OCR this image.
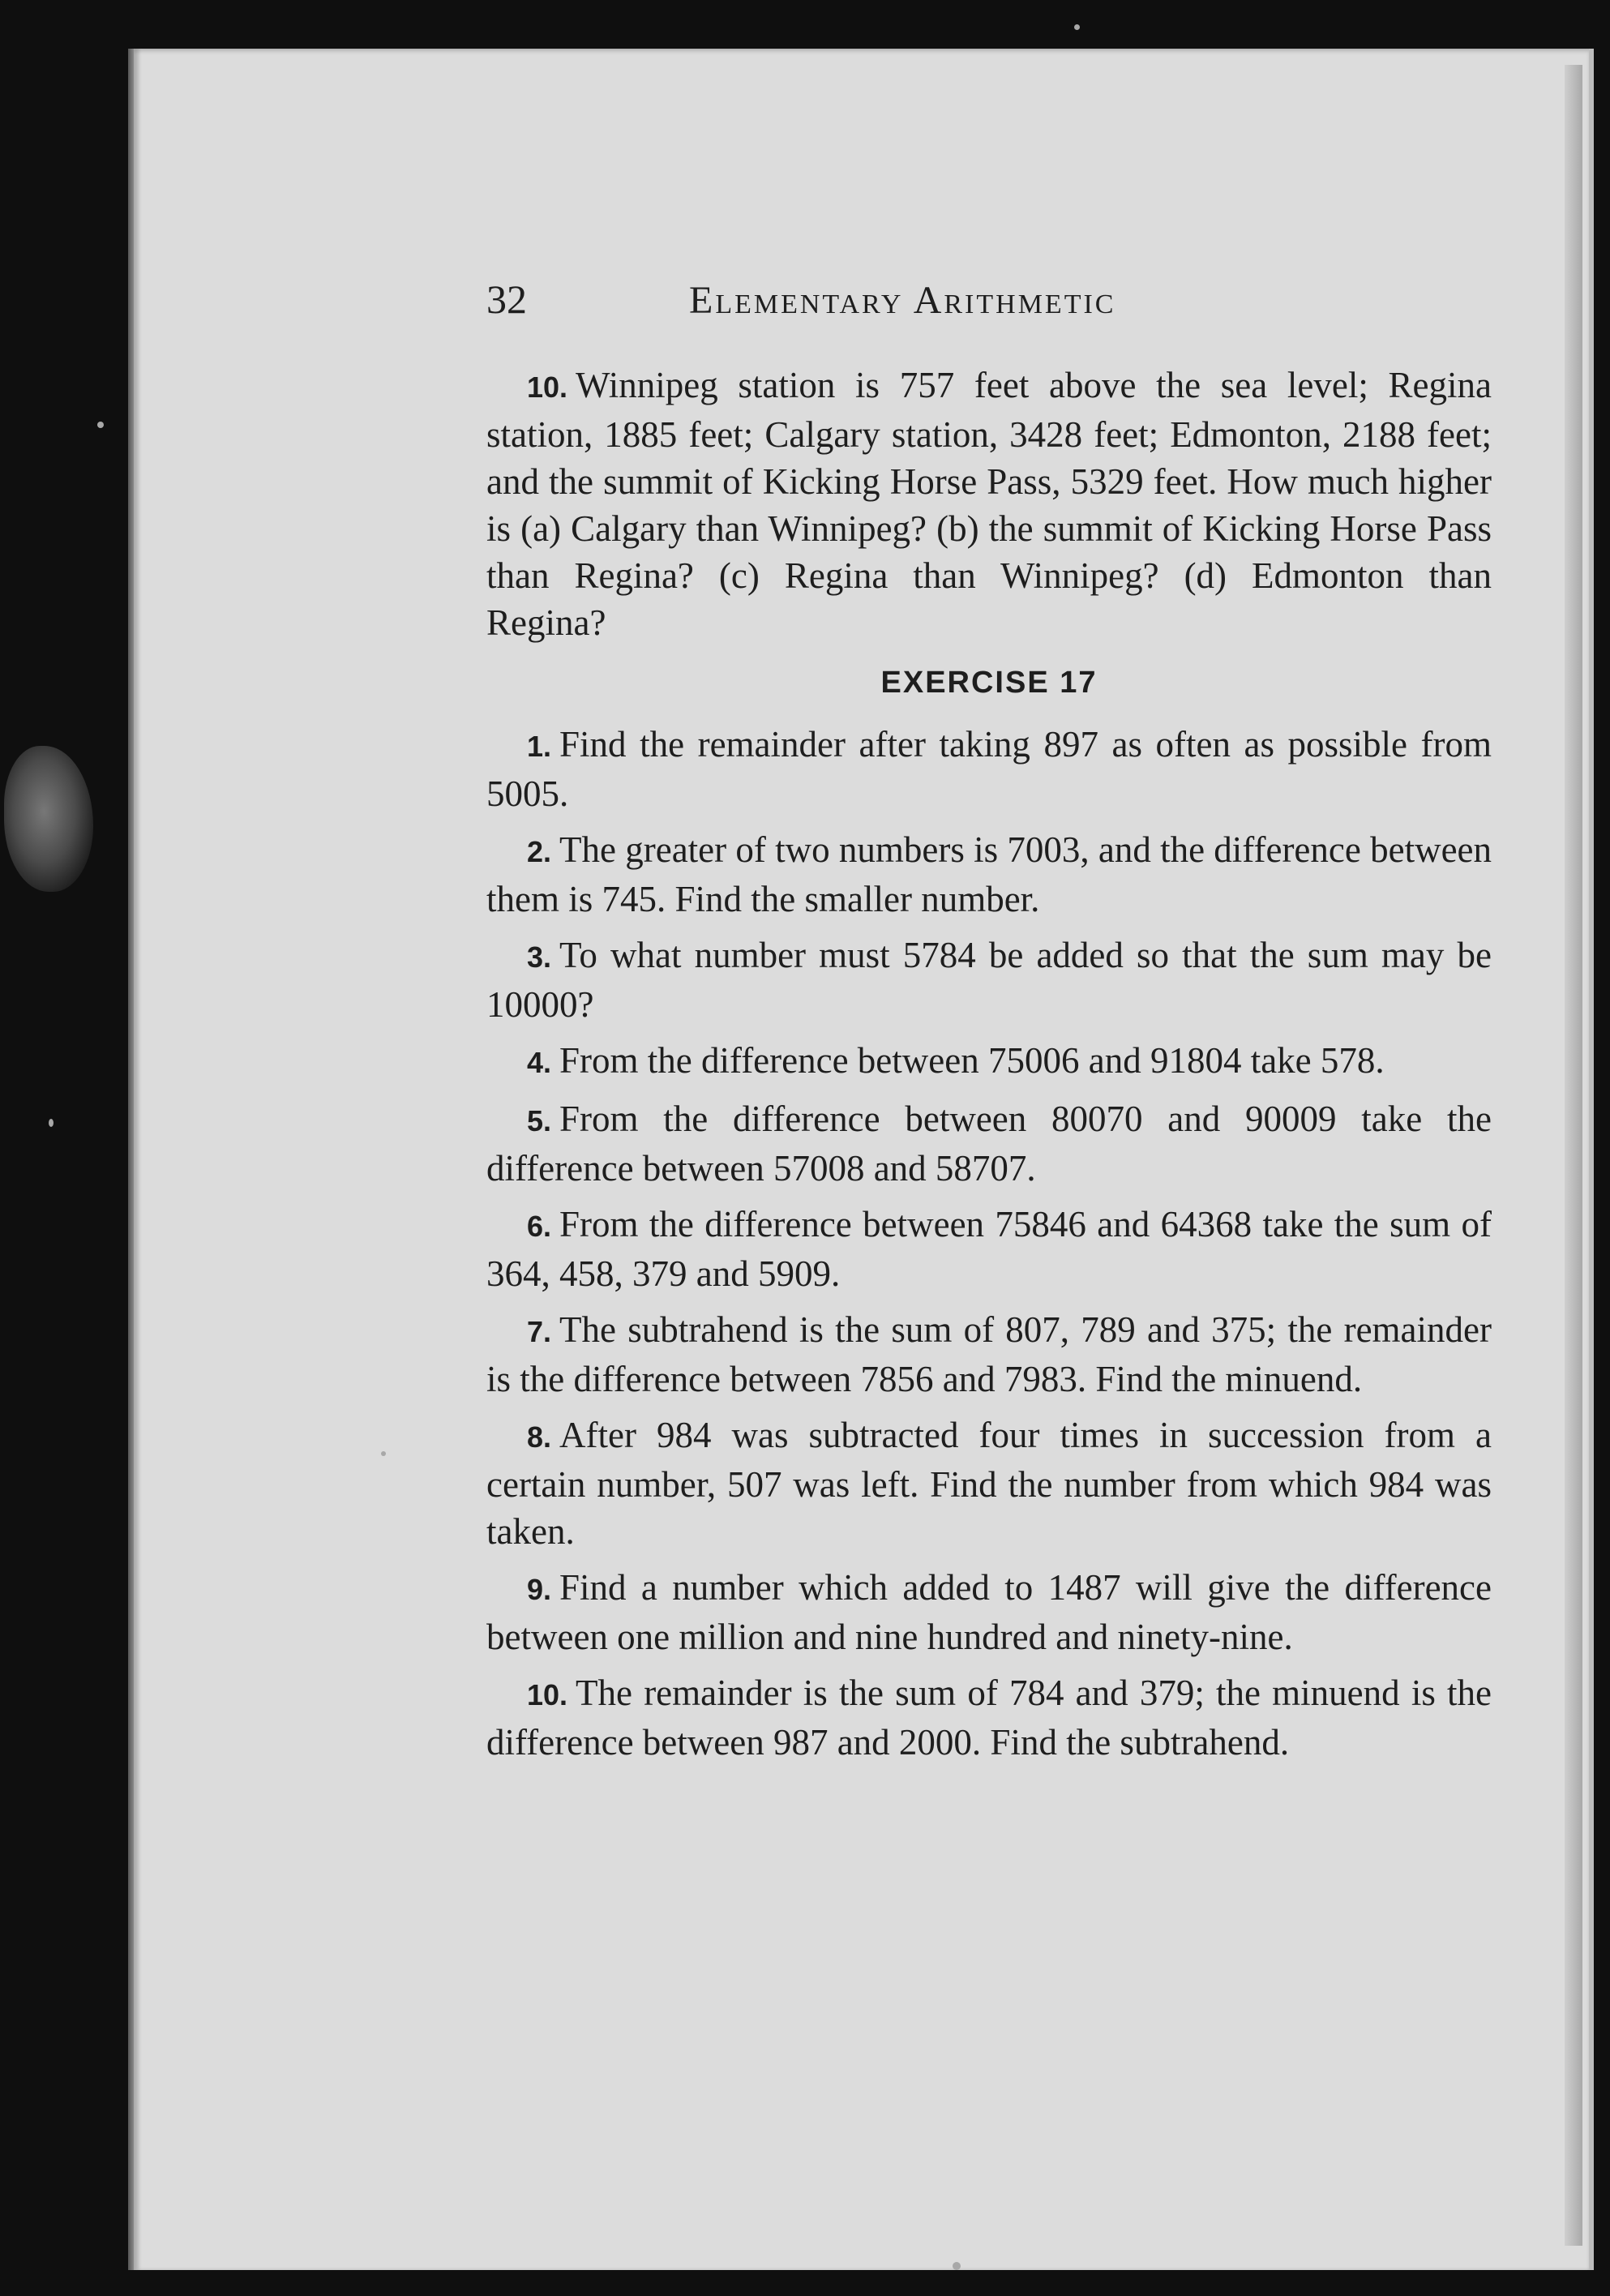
32	Elementary Arithmetic

10. Winnipeg station is 757 feet above the sea level; Regina station, 1885 feet; Calgary station, 3428 feet; Edmonton, 2188 feet; and the summit of Kicking Horse Pass, 5329 feet. How much higher is (a) Calgary than Winnipeg? (b) the summit of Kicking Horse Pass than Regina? (c) Regina than Winnipeg? (d) Edmonton than Regina?

EXERCISE 17

1. Find the remainder after taking 897 as often as possible from 5005.

2. The greater of two numbers is 7003, and the difference between them is 745. Find the smaller number.

3. To what number must 5784 be added so that the sum may be 10000?

4. From the difference between 75006 and 91804 take 578.

5. From the difference between 80070 and 90009 take the difference between 57008 and 58707.

6. From the difference between 75846 and 64368 take the sum of 364, 458, 379 and 5909.

7. The subtrahend is the sum of 807, 789 and 375; the remainder is the difference between 7856 and 7983. Find the minuend.

8. After 984 was subtracted four times in succession from a certain number, 507 was left. Find the number from which 984 was taken.

9. Find a number which added to 1487 will give the difference between one million and nine hundred and ninety-nine.

10. The remainder is the sum of 784 and 379; the minuend is the difference between 987 and 2000. Find the subtrahend.
